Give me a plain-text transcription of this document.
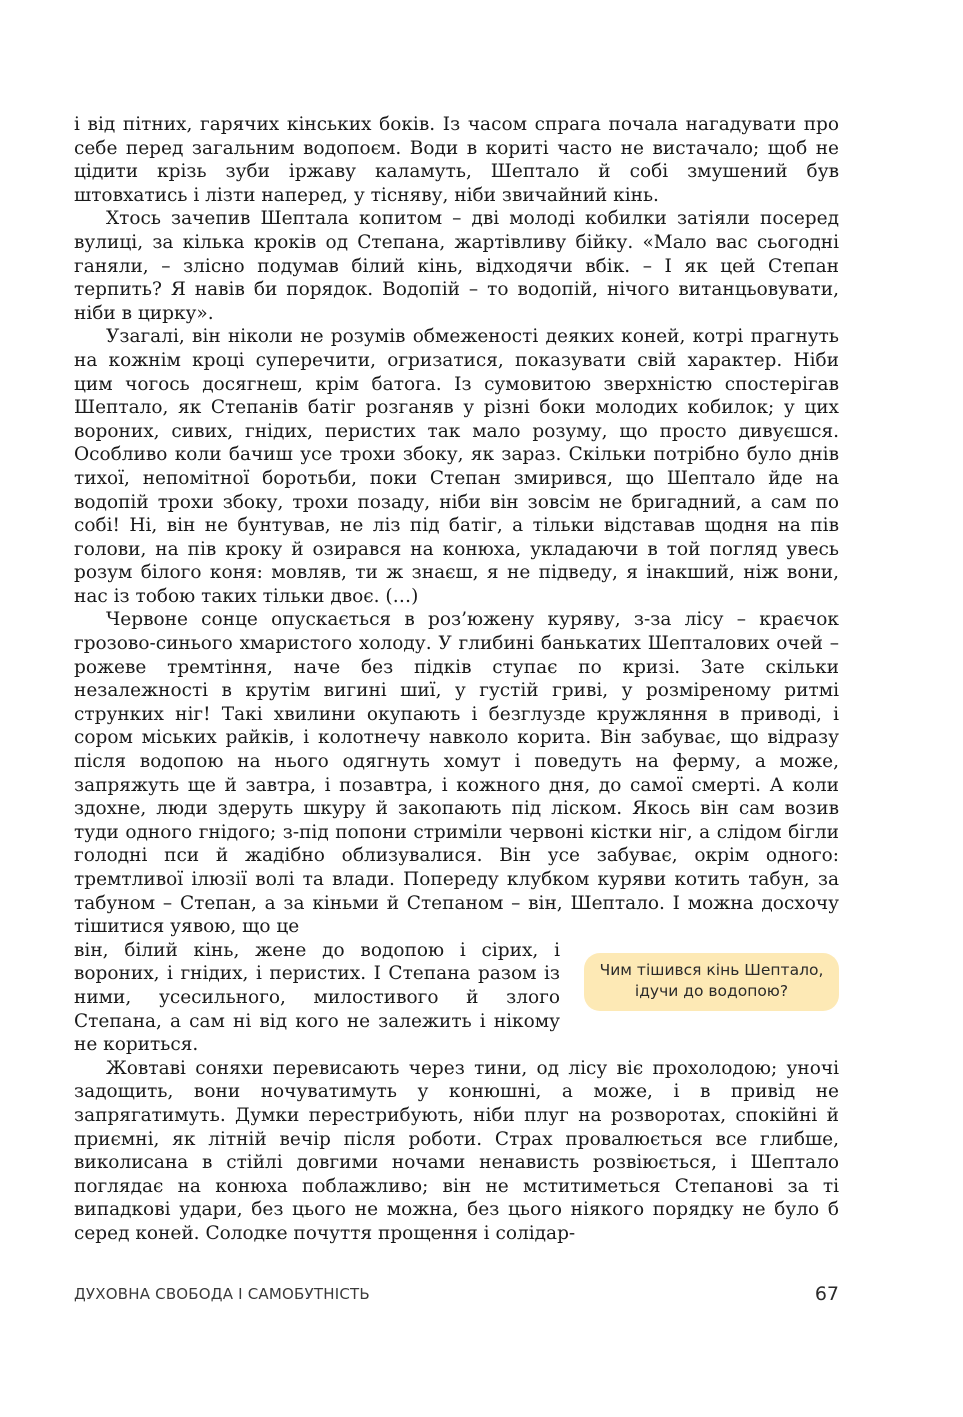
і від пітних, гарячих кінських боків. Із часом спрага почала нагадувати про себе перед загальним водопоєм. Води в кориті часто не вистачало; щоб не цідити крізь зуби іржаву каламуть, Шептало й собі змушений був штовхатись і лізти наперед, у тісняву, ніби звичайний кінь.

Хтось зачепив Шептала копитом – дві молоді кобилки затіяли посеред вулиці, за кілька кроків од Степана, жартівливу бійку. «Мало вас сьогодні ганяли, – злісно подумав білий кінь, відходячи вбік. – І як цей Степан терпить? Я навів би порядок. Водопій – то водопій, нічого витанцьовувати, ніби в цирку».

Узагалі, він ніколи не розумів обмеженості деяких коней, котрі прагнуть на кожнім кроці суперечити, огризатися, показувати свій характер. Ніби цим чогось досягнеш, крім батога. Із сумовитою зверхністю спостерігав Шептало, як Степанів батіг розганяв у різні боки молодих кобилок; у цих вороних, сивих, гнідих, перистих так мало розуму, що просто дивуєшся. Особливо коли бачиш усе трохи збоку, як зараз. Скільки потрібно було днів тихої, непомітної боротьби, поки Степан змирився, що Шептало йде на водопій трохи збоку, трохи позаду, ніби він зовсім не бригадний, а сам по собі! Ні, він не бунтував, не ліз під батіг, а тільки відставав щодня на пів голови, на пів кроку й озирався на конюха, укладаючи в той погляд увесь розум білого коня: мовляв, ти ж знаєш, я не підведу, я інакший, ніж вони, нас із тобою таких тільки двоє. (…)

Червоне сонце опускається в роз’южену куряву, з-за лісу – краєчок грозово-синього хмаристого холоду. У глибині банькатих Шепталових очей – рожеве тремтіння, наче без підків ступає по кризі. Зате скільки незалежності в крутім вигині шиї, у густій гриві, у розміреному ритмі струнких ніг! Такі хвилини окупають і безглузде кружляння в приводі, і сором міських райків, і колотнечу навколо корита. Він забуває, що відразу після водопою на нього одягнуть хомут і поведуть на ферму, а може, запряжуть ще й завтра, і позавтра, і кожного дня, до самої смерті. А коли здохне, люди здеруть шкуру й закопають під ліском. Якось він сам возив туди одного гнідого; з-під попони стриміли червоні кістки ніг, а слідом бігли голодні пси й жадібно облизувалися. Він усе забуває, окрім одного: тремтливої ілюзії волі та влади. Попереду клубком куряви котить табун, за табуном – Степан, а за кіньми й Степаном – він, Шептало. І можна досхочу тішитися уявою, що це

він, білий кінь, жене до водопою і сірих, і вороних, і гнідих, і перистих. І Степана разом із ними, усесильного, милостивого й злого Степана, а сам ні від кого не залежить і нікому не кориться.

Чим тішився кінь Шептало, ідучи до водопою?

Жовтаві соняхи перевисають через тини, од лісу віє прохолодою; уночі задощить, вони ночуватимуть у конюшні, а може, і в привід не запрягатимуть. Думки перестрибують, ніби плуг на розворотах, спокійні й приємні, як літній вечір після роботи. Страх провалюється все глибше, виколисана в стійлі довгими ночами ненависть розвіюється, і Шептало поглядає на конюха поблажливо; він не мститиметься Степанові за ті випадкові удари, без цього не можна, без цього ніякого порядку не було б серед коней. Солодке почуття прощення і солідар-

ДУХОВНА СВОБОДА І САМОБУТНІСТЬ	67
